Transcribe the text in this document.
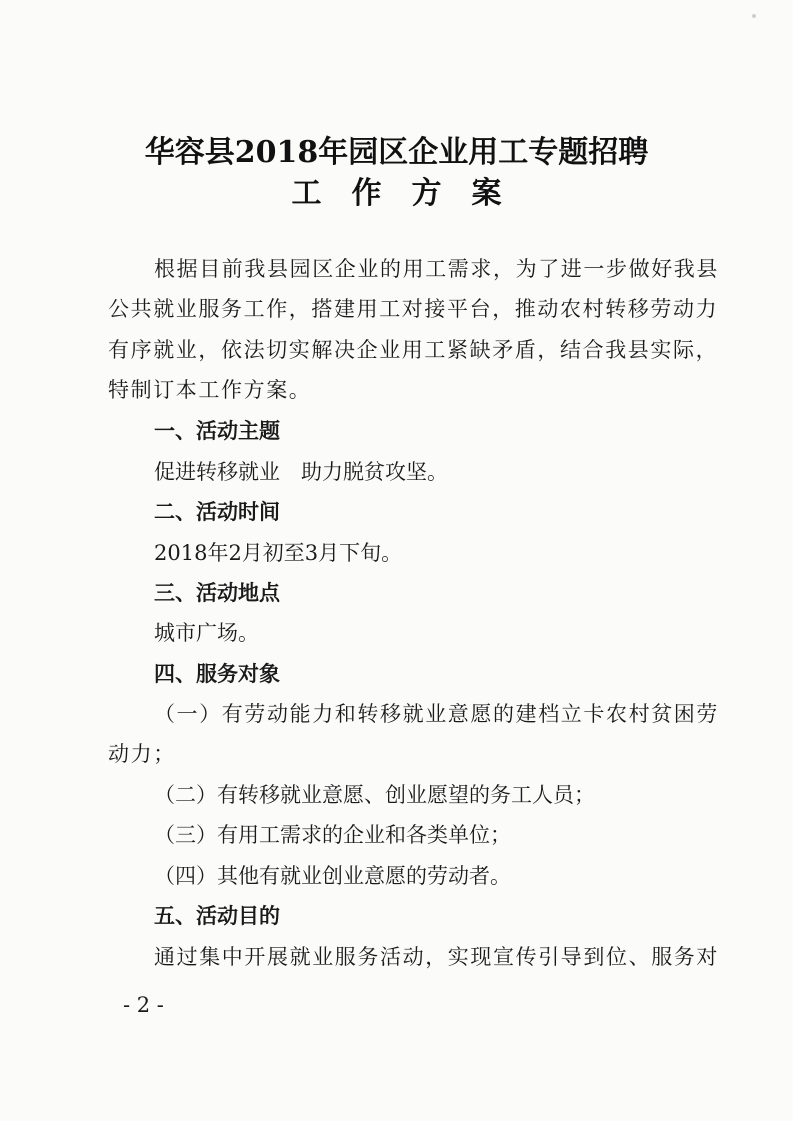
华容县2018年园区企业用工专题招聘
工作方案
根据目前我县园区企业的用工需求，为了进一步做好我县
公共就业服务工作，搭建用工对接平台，推动农村转移劳动力
有序就业，依法切实解决企业用工紧缺矛盾，结合我县实际，
特制订本工作方案。
一、活动主题
促进转移就业　助力脱贫攻坚。
二、活动时间
2018年2月初至3月下旬。
三、活动地点
城市广场。
四、服务对象
（一）有劳动能力和转移就业意愿的建档立卡农村贫困劳
动力；
（二）有转移就业意愿、创业愿望的务工人员；
（三）有用工需求的企业和各类单位；
（四）其他有就业创业意愿的劳动者。
五、活动目的
通过集中开展就业服务活动，实现宣传引导到位、服务对
- 2 -
